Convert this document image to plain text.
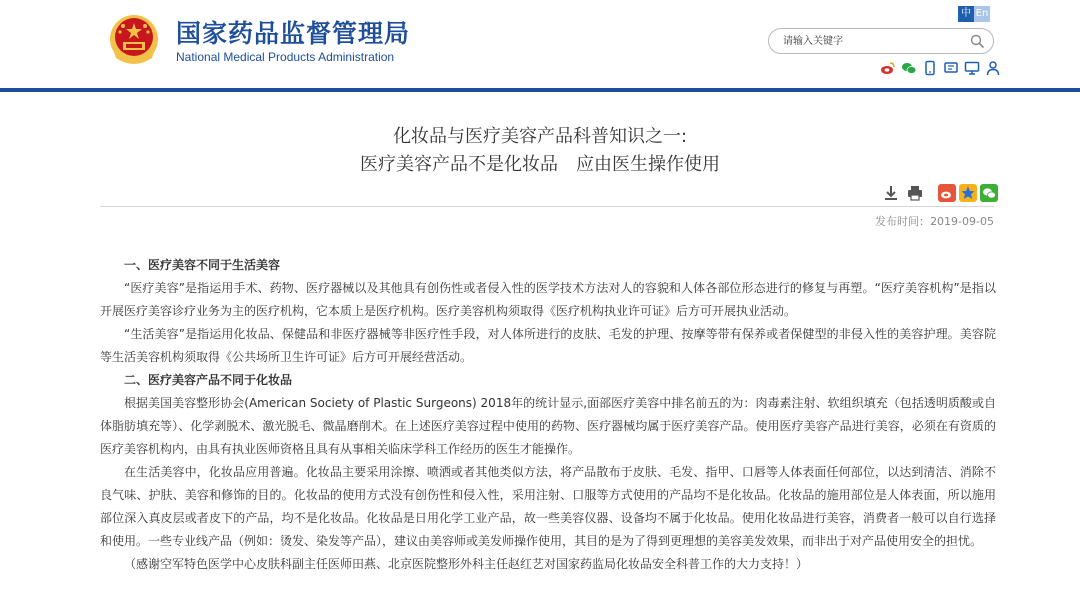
国家药品监督管理局
National Medical Products Administration
中 En
请输入关键字
化妆品与医疗美容产品科普知识之一:
医疗美容产品不是化妆品　应由医生操作使用
发布时间：2019-09-05

一、医疗美容不同于生活美容

“医疗美容”是指运用手术、药物、医疗器械以及其他具有创伤性或者侵入性的医学技术方法对人的容貌和人体各部位形态进行的修复与再塑。“医疗美容机构”是指以开展医疗美容诊疗业务为主的医疗机构，它本质上是医疗机构。医疗美容机构须取得《医疗机构执业许可证》后方可开展执业活动。

“生活美容”是指运用化妆品、保健品和非医疗器械等非医疗性手段，对人体所进行的皮肤、毛发的护理、按摩等带有保养或者保健型的非侵入性的美容护理。美容院等生活美容机构须取得《公共场所卫生许可证》后方可开展经营活动。

二、医疗美容产品不同于化妆品

根据美国美容整形协会(American Society of Plastic Surgeons) 2018年的统计显示,面部医疗美容中排名前五的为：肉毒素注射、软组织填充（包括透明质酸或自体脂肪填充等）、化学剥脱术、激光脱毛、微晶磨削术。在上述医疗美容过程中使用的药物、医疗器械均属于医疗美容产品。使用医疗美容产品进行美容，必须在有资质的医疗美容机构内，由具有执业医师资格且具有从事相关临床学科工作经历的医生才能操作。

在生活美容中，化妆品应用普遍。化妆品主要采用涂擦、喷洒或者其他类似方法，将产品散布于皮肤、毛发、指甲、口唇等人体表面任何部位，以达到清洁、消除不良气味、护肤、美容和修饰的目的。化妆品的使用方式没有创伤性和侵入性，采用注射、口服等方式使用的产品均不是化妆品。化妆品的施用部位是人体表面，所以施用部位深入真皮层或者皮下的产品，均不是化妆品。化妆品是日用化学工业产品，故一些美容仪器、设备均不属于化妆品。使用化妆品进行美容，消费者一般可以自行选择和使用。一些专业线产品（例如：烫发、染发等产品），建议由美容师或美发师操作使用，其目的是为了得到更理想的美容美发效果，而非出于对产品使用安全的担忧。

（感谢空军特色医学中心皮肤科副主任医师田燕、北京医院整形外科主任赵红艺对国家药监局化妆品安全科普工作的大力支持！）
